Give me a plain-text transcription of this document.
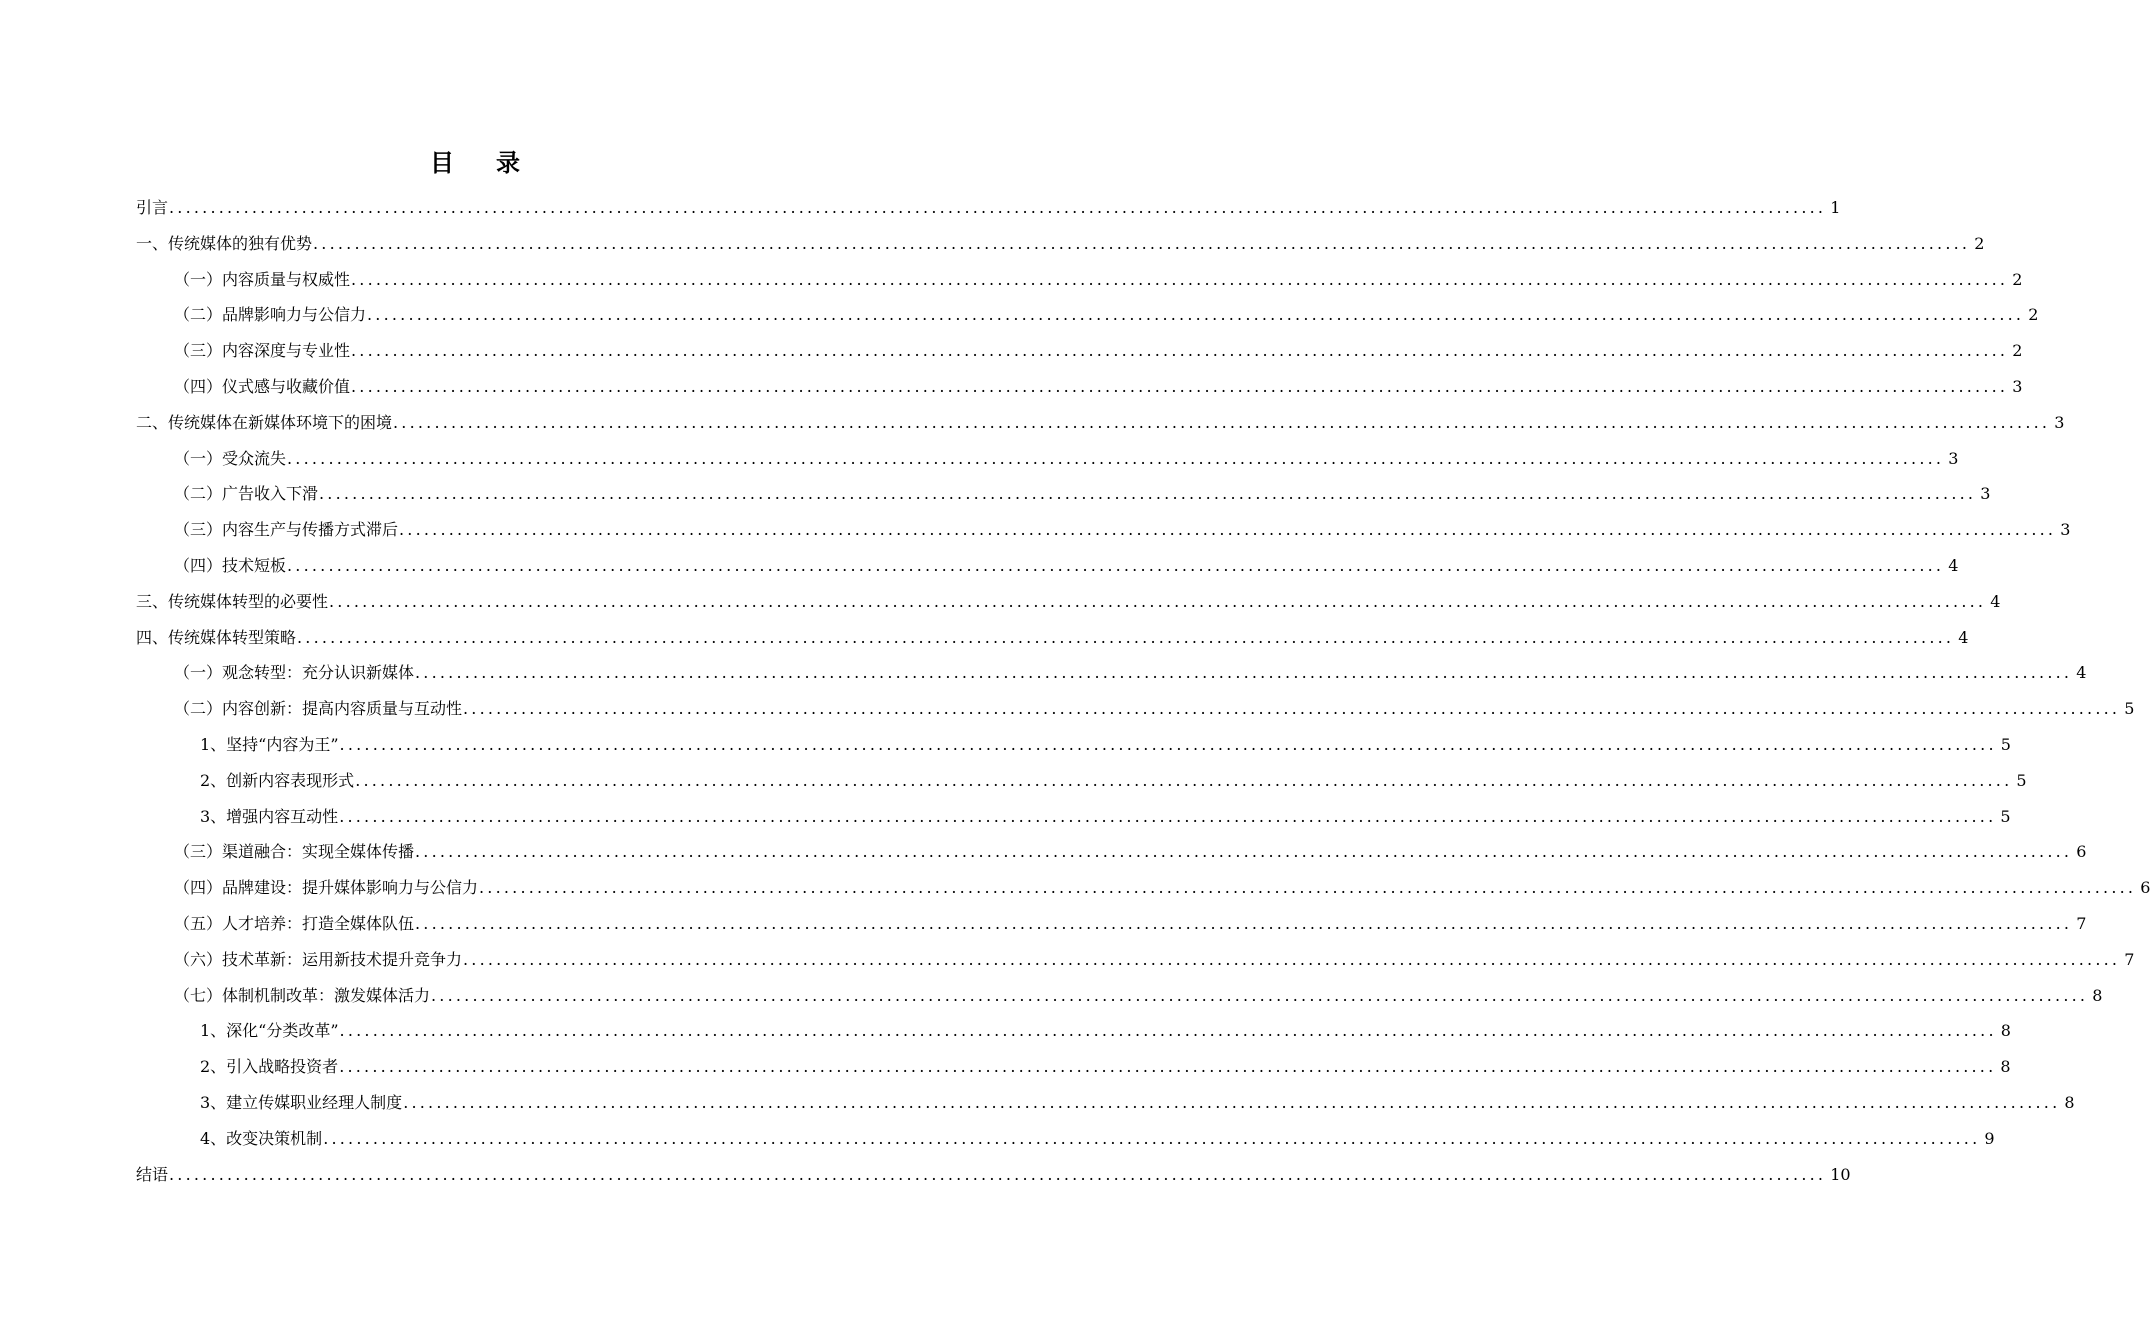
目 录
引言 ........................................................................................................................................................................................................ 1
一、传统媒体的独有优势 ........................................................................................................................................................................................................ 2
（一）内容质量与权威性 ........................................................................................................................................................................................................ 2
（二）品牌影响力与公信力 ........................................................................................................................................................................................................ 2
（三）内容深度与专业性 ........................................................................................................................................................................................................ 2
（四）仪式感与收藏价值 ........................................................................................................................................................................................................ 3
二、传统媒体在新媒体环境下的困境 ........................................................................................................................................................................................................ 3
（一）受众流失 ........................................................................................................................................................................................................ 3
（二）广告收入下滑 ........................................................................................................................................................................................................ 3
（三）内容生产与传播方式滞后 ........................................................................................................................................................................................................ 3
（四）技术短板 ........................................................................................................................................................................................................ 4
三、传统媒体转型的必要性 ........................................................................................................................................................................................................ 4
四、传统媒体转型策略 ........................................................................................................................................................................................................ 4
（一）观念转型：充分认识新媒体 ........................................................................................................................................................................................................ 4
（二）内容创新：提高内容质量与互动性 ........................................................................................................................................................................................................ 5
1、坚持“内容为王” ........................................................................................................................................................................................................ 5
2、创新内容表现形式 ........................................................................................................................................................................................................ 5
3、增强内容互动性 ........................................................................................................................................................................................................ 5
（三）渠道融合：实现全媒体传播 ........................................................................................................................................................................................................ 6
（四）品牌建设：提升媒体影响力与公信力 ........................................................................................................................................................................................................ 6
（五）人才培养：打造全媒体队伍 ........................................................................................................................................................................................................ 7
（六）技术革新：运用新技术提升竞争力 ........................................................................................................................................................................................................ 7
（七）体制机制改革：激发媒体活力 ........................................................................................................................................................................................................ 8
1、深化“分类改革” ........................................................................................................................................................................................................ 8
2、引入战略投资者 ........................................................................................................................................................................................................ 8
3、建立传媒职业经理人制度 ........................................................................................................................................................................................................ 8
4、改变决策机制 ........................................................................................................................................................................................................ 9
结语 ........................................................................................................................................................................................................ 10
